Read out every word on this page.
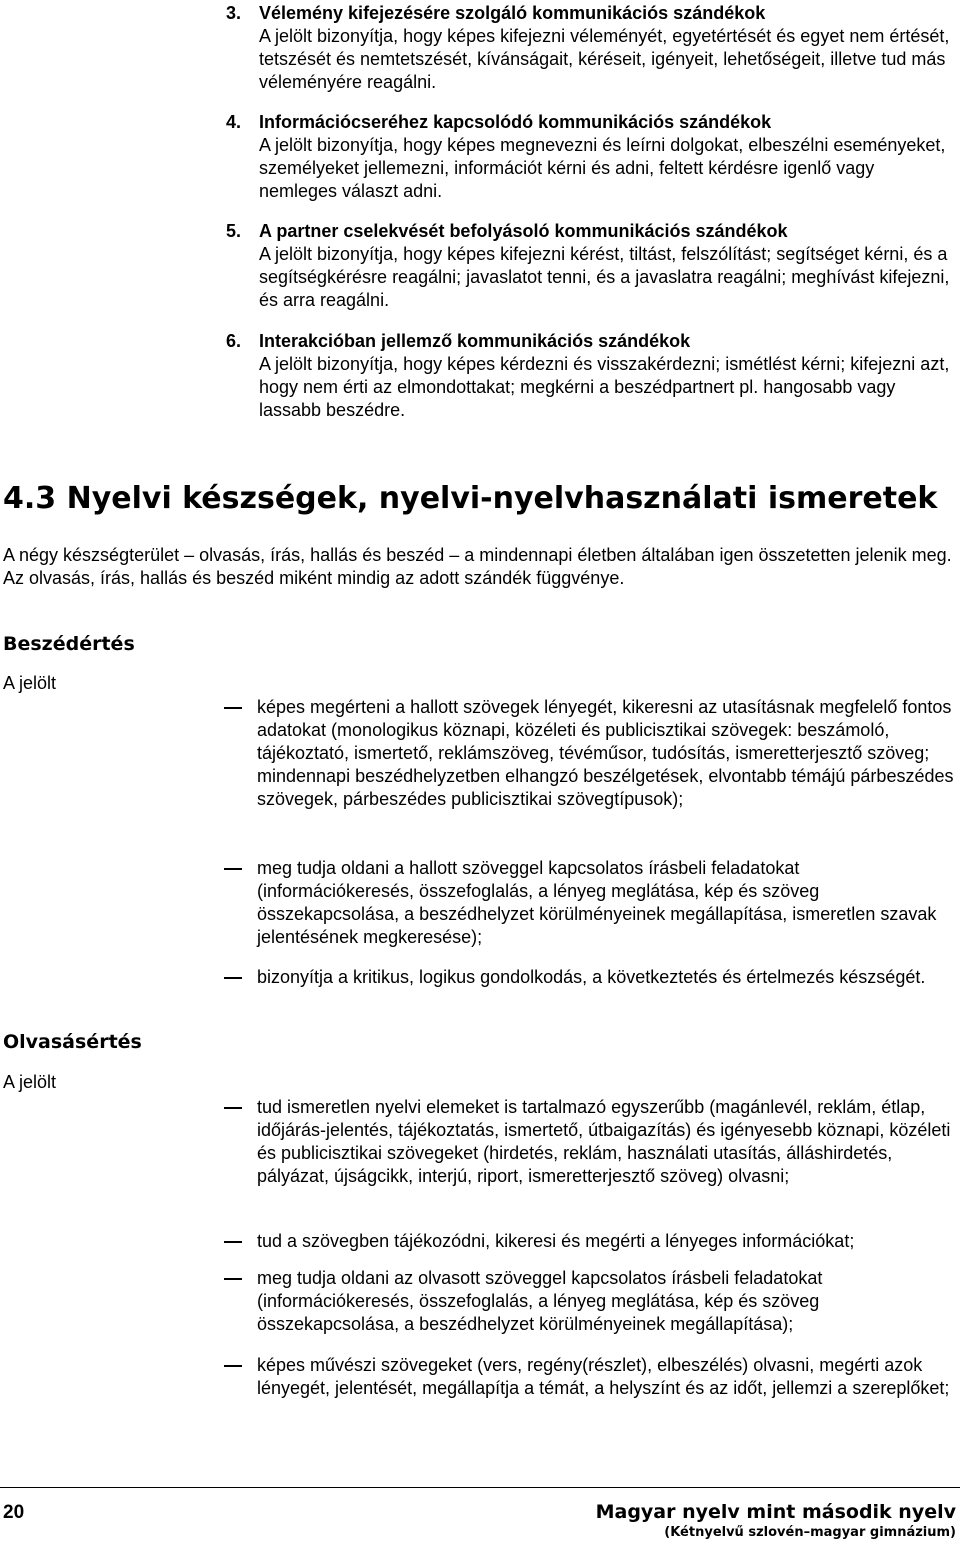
3. Vélemény kifejezésére szolgáló kommunikációs szándékok
A jelölt bizonyítja, hogy képes kifejezni véleményét, egyetértését és egyet nem értését, tetszését és nemtetszését, kívánságait, kéréseit, igényeit, lehetőségeit, illetve tud más véleményére reagálni.
4. Információcseréhez kapcsolódó kommunikációs szándékok
A jelölt bizonyítja, hogy képes megnevezni és leírni dolgokat, elbeszélni eseményeket, személyeket jellemezni, információt kérni és adni, feltett kérdésre igenlő vagy nemleges választ adni.
5. A partner cselekvését befolyásoló kommunikációs szándékok
A jelölt bizonyítja, hogy képes kifejezni kérést, tiltást, felszólítást; segítséget kérni, és a segítségkérésre reagálni; javaslatot tenni, és a javaslatra reagálni; meghívást kifejezni, és arra reagálni.
6. Interakcióban jellemző kommunikációs szándékok
A jelölt bizonyítja, hogy képes kérdezni és visszakérdezni; ismétlést kérni; kifejezni azt, hogy nem érti az elmondottakat; megkérni a beszédpartnert pl. hangosabb vagy lassabb beszédre.
4.3 Nyelvi készségek, nyelvi-nyelvhasználati ismeretek
A négy készségterület – olvasás, írás, hallás és beszéd – a mindennapi életben általában igen összetetten jelenik meg. Az olvasás, írás, hallás és beszéd miként mindig az adott szándék függvénye.
Beszédértés
A jelölt
képes megérteni a hallott szövegek lényegét, kikeresni az utasításnak megfelelő fontos adatokat (monologikus köznapi, közéleti és publicisztikai szövegek: beszámoló, tájékoztató, ismertető, reklámszöveg, tévéműsor, tudósítás, ismeretterjesztő szöveg; mindennapi beszédhelyzetben elhangzó beszélgetések, elvontabb témájú párbeszédes szövegek, párbeszédes publicisztikai szövegtípusok);
meg tudja oldani a hallott szöveggel kapcsolatos írásbeli feladatokat (információkeresés, összefoglalás, a lényeg meglátása, kép és szöveg összekapcsolása, a beszédhelyzet körülményeinek megállapítása, ismeretlen szavak jelentésének megkeresése);
bizonyítja a kritikus, logikus gondolkodás, a következtetés és értelmezés készségét.
Olvasásértés
A jelölt
tud ismeretlen nyelvi elemeket is tartalmazó egyszerűbb (magánlevél, reklám, étlap, időjárás-jelentés, tájékoztatás, ismertető, útbaigazítás) és igényesebb köznapi, közéleti és publicisztikai szövegeket (hirdetés, reklám, használati utasítás, álláshirdetés, pályázat, újságcikk, interjú, riport, ismeretterjesztő szöveg) olvasni;
tud a szövegben tájékozódni, kikeresi és megérti a lényeges információkat;
meg tudja oldani az olvasott szöveggel kapcsolatos írásbeli feladatokat (információkeresés, összefoglalás, a lényeg meglátása, kép és szöveg összekapcsolása, a beszédhelyzet körülményeinek megállapítása);
képes művészi szövegeket (vers, regény(részlet), elbeszélés) olvasni, megérti azok lényegét, jelentését, megállapítja a témát, a helyszínt és az időt, jellemzi a szereplőket;
20	Magyar nyelv mint második nyelv
(Kétnyelvű szlovén–magyar gimnázium)
